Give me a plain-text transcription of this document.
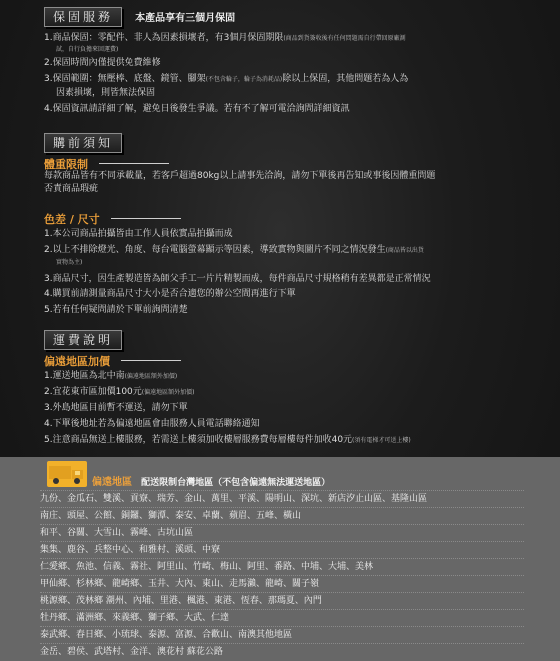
保固服務 本產品享有三個月保固
1.商品保固：零配件、非人為因素損壞者，有3個月保固期限(商品到貨簽收後有任何問題需自行帶回原廠測
試，自行負擔來回運費)
2.保固時間內僅提供免費維修
3.保固範圍：無壓棒、底盤、鏡管、腳架(不包含輪子，輪子為消耗品)除以上保固，其他問題若為人為
因素損壞，則皆無法保固
4.保固資訊請詳細了解，避免日後發生爭議。若有不了解可電洽詢問詳細資訊
購前須知
體重限制
每款商品皆有不同承載量，若客戶超過80kg以上請事先洽詢，請勿下單後再告知或事後因體重問題
否責商品瑕疵
色差 / 尺寸
1.本公司商品拍攝皆由工作人員依實品拍攝而成
2.以上不排除燈光、角度、每台電腦螢幕顯示等因素，導致實物與圖片不同之情況發生(商品皆以出貨
實物為主)
3.商品尺寸，因生產製造皆為師父手工一片片精製而成，每件商品尺寸規格稍有差異都是正常情況
4.購買前請測量商品尺寸大小是否合適您的辦公空間再進行下單
5.若有任何疑問請於下單前詢問清楚
運費說明
偏遠地區加價
1.運送地區為北中南(偏遠地區額外加價)
2.宜花東市區加價100元(偏遠地區額外加價)
3.外島地區目前暫不運送，請勿下單
4.下單後地址若為偏遠地區會由服務人員電話聯絡通知
5.注意商品無送上樓服務，若需送上樓須加收樓層服務費每層樓每件加收40元(須有電梯才可送上樓)
偏遠地區 配送限制台灣地區（不包含偏遠無法運送地區）
九份、金瓜石、雙溪、貢寮、瑞芳、金山、萬里、平溪、陽明山、深坑、新店汐止山區、基隆山區
南庄、頭屋、公館、銅鑼、獅潭、泰安、卓蘭、蘋眉、五峰、橫山
和平、谷關、大雪山、霧峰、古坑山區
集集、鹿谷、兵整中心、和雅村、溪頭、中寮
仁愛鄉、魚池、信義、霧社、阿里山、竹崎、梅山、阿里、番路、中埔、大埔、美林
甲仙鄉、杉林鄉、龍崎鄉、玉井、大內、東山、走馬瀨、龍崎、關子嶺
桃源鄉、茂林鄉 潮州、內埔、里港、楓港、東港、恆春、那瑪夏、內門
牡丹鄉、滿洲鄉、來義鄉、獅子鄉、大武、仁達
泰武鄉、春日鄉、小琉球、泰源、富源、合歡山、南澳其他地區
金岳、碧侯、武塔村、金洋、澳花村 蘇花公路
